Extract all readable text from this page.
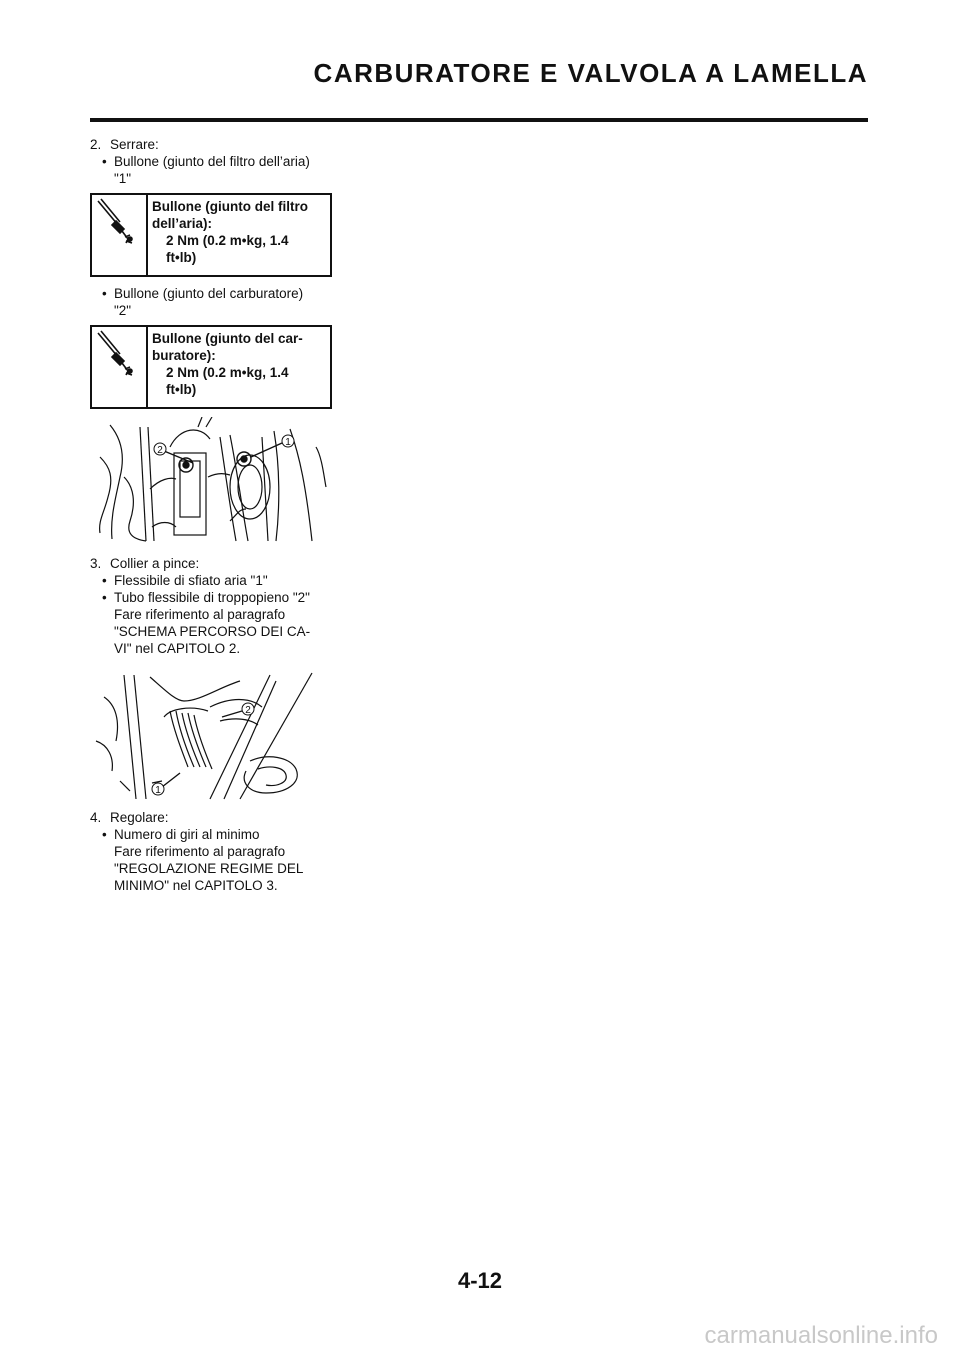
CARBURATORE E VALVOLA A LAMELLA
2. Serrare:
• Bullone (giunto del filtro dell’aria)
"1"
Bullone (giunto del filtro
dell’aria):
2 Nm (0.2 m•kg, 1.4
ft•lb)
• Bullone (giunto del carburatore)
"2"
Bullone (giunto del car-
buratore):
2 Nm (0.2 m•kg, 1.4
ft•lb)
2
1
3. Collier a pince:
• Flessibile di sfiato aria "1"
• Tubo flessibile di troppopieno "2"
Fare riferimento al paragrafo
"SCHEMA PERCORSO DEI CA-
VI" nel CAPITOLO 2.
2
1
4. Regolare:
• Numero di giri al minimo
Fare riferimento al paragrafo
"REGOLAZIONE REGIME DEL
MINIMO" nel CAPITOLO 3.
4-12
carmanualsonline.info
